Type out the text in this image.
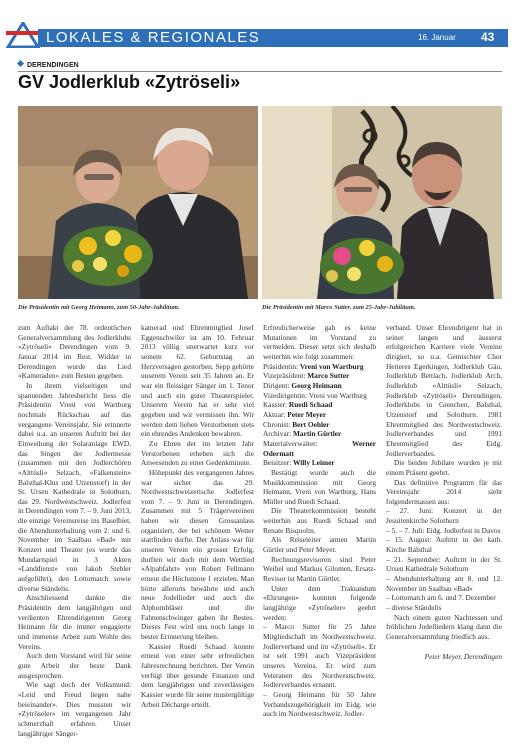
LOKALES & REGIONALES	16. Januar 43
DERENDINGEN
GV Jodlerklub «Zytröseli»
Die Präsidentin mit Georg Heimann, zum 50-Jahr-Jubiläum.	Die Präsidentin mit Marco Sutter, zum 25-Jahr-Jubiläum.

zum Auftakt der 78. ordentlichen Generalversammlung des Jodlerklubs «Zytröseli» Derendingen vom 9. Januar 2014 im Rest. Widder in Derendingen wurde das Lied «Kameraden» zum Besten gegeben.

In ihrem vielseitigen und spannenden Jahresbericht liess die Präsidentin Vreni von Wartburg nochmals Rückschau auf das vergangene Vereinsjahr. Sie erinnerte dabei u.a. an unseren Auftritt bei der Einweihung der Solaranlage EWD, das Singen der Jodlermesse (zusammen mit den Jodlerchören «Alttüsli» Selzach, «Falkenstein» Balsthal-Klus und Utzenstorf) in der St. Ursen Kathedrale in Solothurn, das 29. Nordwestschweiz. Jodlerfest in Derendingen vom 7. – 9. Juni 2013, die einzige Vereinsreise ins Baselbiet, die Abendunterhaltung vom 2. und 6. November im Saalbau «Bad» mit Konzert und Theater (es wurde das Mundartspiel in 3 Akten «Landdienst» von Jakob Stebler aufgeführt), den Lottomatch sowie diverse Ständelis.

Anschliessend dankte die Präsidentin dem langjährigen und verdienten Ehrendirigenten Georg Heimann für die immer engagierte und immense Arbeit zum Wohle des Vereins.

Auch dem Vorstand wird für seine gute Arbeit der beste Dank ausgesprochen.

Wie sagt doch der Volksmund: «Leid und Freud liegen nahe beieinander». Dies mussten wir «Zytröseler» im vergangenen Jahr schmerzhaft erfahren. Unser langjähriger Sänger-

kamerad und Ehrenmitglied Josef Eggenschwiler ist am 10. Februar 2013 völlig unerwartet kurz vor seinem 62. Geburtstag an Herzversagen gestorben. Sepp gehörte unserem Verein seit 35 Jahren an. Er war ein fleissiger Sänger im 1. Tenor und auch ein guter Theaterspieler. Unserem Verein hat er sehr viel gegeben und wir vermissen ihn. Wir werden dem lieben Verstorbenen stets ein ehrendes Andenken bewahren.

Zu Ehren der im letzten Jahr Verstorbenen erheben sich die Anwesenden zu einer Gedenkminute.

Höhepunkt des vergangenen Jahres war sicher das 29. Nordwestschweizerische Jodlerfest vom 7. – 9. Juni in Derendingen. Zusammen mit 5 Trägervereinen haben wir diesen Grossanlass organisiert, der bei schönem Wetter stattfinden durfte. Der Anlass war für unseren Verein ein grosser Erfolg, durften wir doch mit dem Wettlied «Alpabfahrt» von Robert Fellmann erneut die Höchstnote 1 erzielen. Man hörte allerorts bewährte und auch neue Jodellieder und auch die Alphornbläser und die Fahnenschwinger gaben ihr Bestes. Dieses Fest wird uns noch lange in bester Erinnerung bleiben.

Kassier Ruedi Schaad konnte erneut von einer sehr erfreulichen Jahresrechnung berichten. Der Verein verfügt über gesunde Finanzen und dem langjährigen und zuverlässigen Kassier wurde für seine mustergültige Arbeit Décharge erteilt.

Erfreulicherweise gab es keine Mutationen im Vorstand zu vermelden. Dieser setzt sich deshalb weiterhin wie folgt zusammen:

Präsidentin: Vreni von Wartburg

Vizepräsident: Marco Sutter

Dirigent: Georg Heimann

Vizedirigentin: Vreni von Wartburg

Kassier: Ruedi Schaad

Aktuar: Peter Meyer

Chronist: Bert Oehler

Archivar: Martin Gürtler

Materialverwalter: Werner Odermatt

Beisitzer: Willy Leimer

Bestätigt wurde auch die Musikkommission mit Georg Heimann, Vreni von Wartburg, Hans Müller und Ruedi Schaad.

Die Theaterkommission besteht weiterhin aus Ruedi Schaad und Renate Bisquolm.

Als Reiseleiter amten Martin Gürtler und Peter Meyer.

Rechnungsrevisoren sind Peter Weibel und Markus Gilomen, Ersatz-Revisor ist Martin Gürtler.

Unter dem Traktandum «Ehrungen» konnten folgende langjährige «Zytröseler» geehrt werden:

– Marco Sutter für 25 Jahre Mitgliedschaft im Nordwestschweiz. Jodlerverband und im «Zytröseli». Er ist seit 1991 auch Vizepräsident unseres Vereins. Er wird zum Veteranen des Nordwestschweiz. Jodlerverbandes ernannt.

– Georg Heimann für 50 Jahre Verbandszugehörigkeit im Eidg. wie auch im Nordwestschweiz. Jodler-

verband. Unser Ehrendirigent hat in seiner langen und äusserst erfolgreichen Karriere viele Vereine dirigiert, so u.a. Gemischter Chor Heiteres Egerkingen, Jodlerklub Gäu, Jodlerklub Bettlach, Jodlerklub Arch, Jodlerklub «Alttüsli» Selzach, Jodlerklub «Zytröseli» Derendingen, Jodlerklubs in Grenchen, Balsthal, Utzenstorf und Solothurn. 1981 Ehrenmitglied des Nordwestschweiz. Jodlerverbandes und 1991 Ehrenmitglied des Eidg. Jodlerverbandes.

Die beiden Jubilare wurden je mit einem Präsent geehrt.

Das definitive Programm für das Vereinsjahr 2014 sieht folgendermassen aus:

– 27. Juni: Konzert in der Jesuitenkirche Solothurn

– 5. – 7. Juli: Eidg. Jodlerfest in Davos

– 15. August: Auftritt in der kath. Kirche Balsthal

– 21. September: Auftritt in der St. Ursen Kathedrale Solothurn

– Abendunterhaltung am 8. und 12. November im Saalbau «Bad»

– Lottomatch am 6. und 7. Dezember

– diverse Ständelis

Nach einem guten Nachtessen und fröhlichen Jodelliedern klang dann die Generalversammlung friedlich aus.

Peter Meyer, Derendingen
